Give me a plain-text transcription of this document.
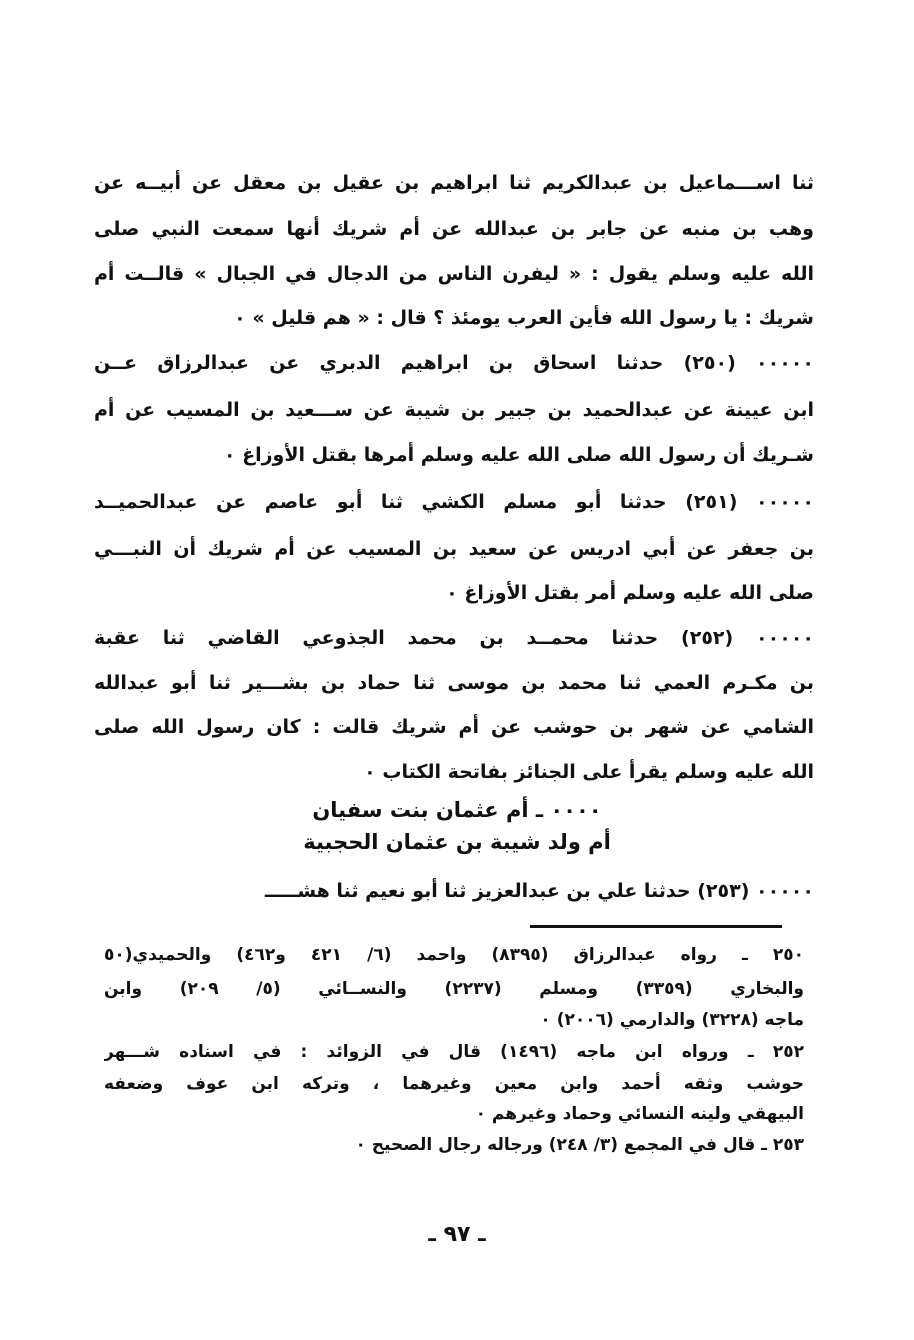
ثنا اســـماعيل بن عبدالكريم ثنا ابراهيم بن عقيل بن معقل عن أبيــه عن
وهب بن منبه عن جابر بن عبدالله عن أم شريك أنها سمعت النبي صلى
الله عليه وسلم يقول : « ليفرن الناس من الدجال في الجبال » قالــت أم
شريك : يا رسول الله فأين العرب يومئذ ؟ قال : « هم قليل » ٠
٠٠٠٠٠ (٢٥٠) حدثنا اسحاق بن ابراهيم الدبري عن عبدالرزاق عــن
ابن عيينة عن عبدالحميد بن جبير بن شيبة عن ســـعيد بن المسيب عن أم
شـريك أن رسول الله صلى الله عليه وسلم أمرها بقتل الأوزاغ ٠
٠٠٠٠٠ (٢٥١) حدثنا أبو مسلم الكشي ثنا أبو عاصم عن عبدالحميــد
بن جعفر عن أبي ادريس عن سعيد بن المسيب عن أم شريك أن النبـــي
صلى الله عليه وسلم أمر بقتل الأوزاغ ٠
٠٠٠٠٠ (٢٥٢) حدثنا محمــد بن محمد الجذوعي القاضي ثنا عقبة
بن مكـرم العمي ثنا محمد بن موسى ثنا حماد بن بشـــير ثنا أبو عبدالله
الشامي عن شهر بن حوشب عن أم شريك قالت : كان رسول الله صلى
الله عليه وسلم يقرأ على الجنائز بفاتحة الكتاب ٠
٠٠٠٠ ـ أم عثمان بنت سفيان
أم ولد شيبة بن عثمان الحجبية
٠٠٠٠٠ (٢٥٣) حدثنا علي بن عبدالعزيز ثنا أبو نعيم ثنا هشـــــ
٢٥٠ ـ رواه عبدالرزاق (٨٣٩٥) واحمد (٦/ ٤٢١ و٤٦٢) والحميدي(٥٠
والبخاري (٣٣٥٩) ومسلم (٢٢٣٧) والنســائي (٥/ ٢٠٩) وابن
ماجه (٣٢٢٨) والدارمي (٢٠٠٦) ٠
٢٥٢ ـ ورواه ابن ماجه (١٤٩٦) قال في الزوائد : في اسناده شـــهر
حوشب وثقه أحمد وابن معين وغيرهما ، وتركه ابن عوف وضعفه
البيهقي ولينه النسائي وحماد وغيرهم ٠
٢٥٣ ـ قال في المجمع (٣/ ٢٤٨) ورجاله رجال الصحيح ٠
ـ ٩٧ ـ
